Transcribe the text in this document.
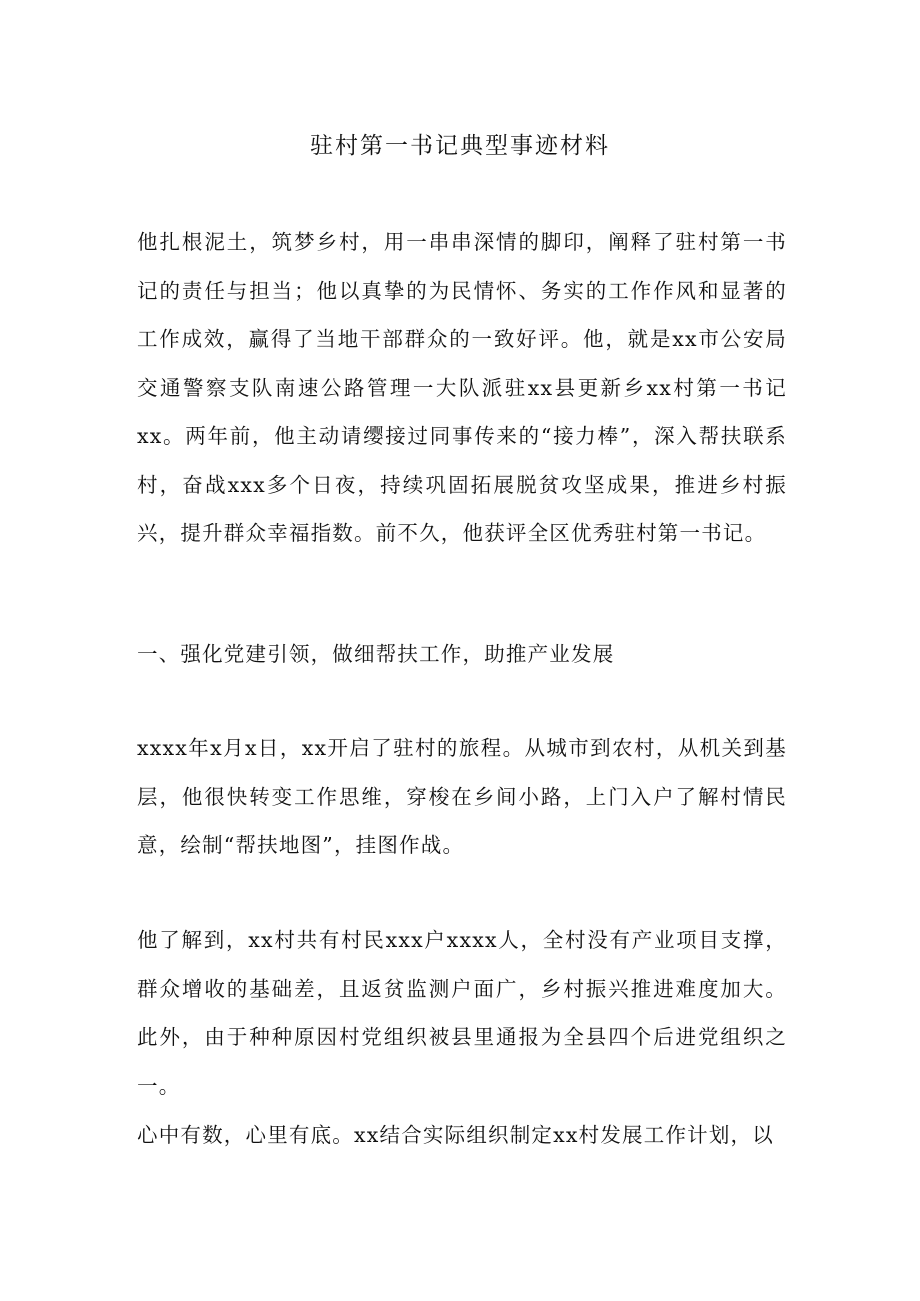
驻村第一书记典型事迹材料

他扎根泥土，筑梦乡村，用一串串深情的脚印，阐释了驻村第一书记的责任与担当；他以真挚的为民情怀、务实的工作作风和显著的工作成效，赢得了当地干部群众的一致好评。他，就是xx市公安局交通警察支队南速公路管理一大队派驻xx县更新乡xx村第一书记xx。两年前，他主动请缨接过同事传来的“接力棒”，深入帮扶联系村，奋战xxx多个日夜，持续巩固拓展脱贫攻坚成果，推进乡村振兴，提升群众幸福指数。前不久，他获评全区优秀驻村第一书记。

一、强化党建引领，做细帮扶工作，助推产业发展

xxxx年x月x日，xx开启了驻村的旅程。从城市到农村，从机关到基层，他很快转变工作思维，穿梭在乡间小路，上门入户了解村情民意，绘制“帮扶地图”，挂图作战。

他了解到，xx村共有村民xxx户xxxx人，全村没有产业项目支撑，群众增收的基础差，且返贫监测户面广，乡村振兴推进难度加大。此外，由于种种原因村党组织被县里通报为全县四个后进党组织之一。

心中有数，心里有底。xx结合实际组织制定xx村发展工作计划，以
